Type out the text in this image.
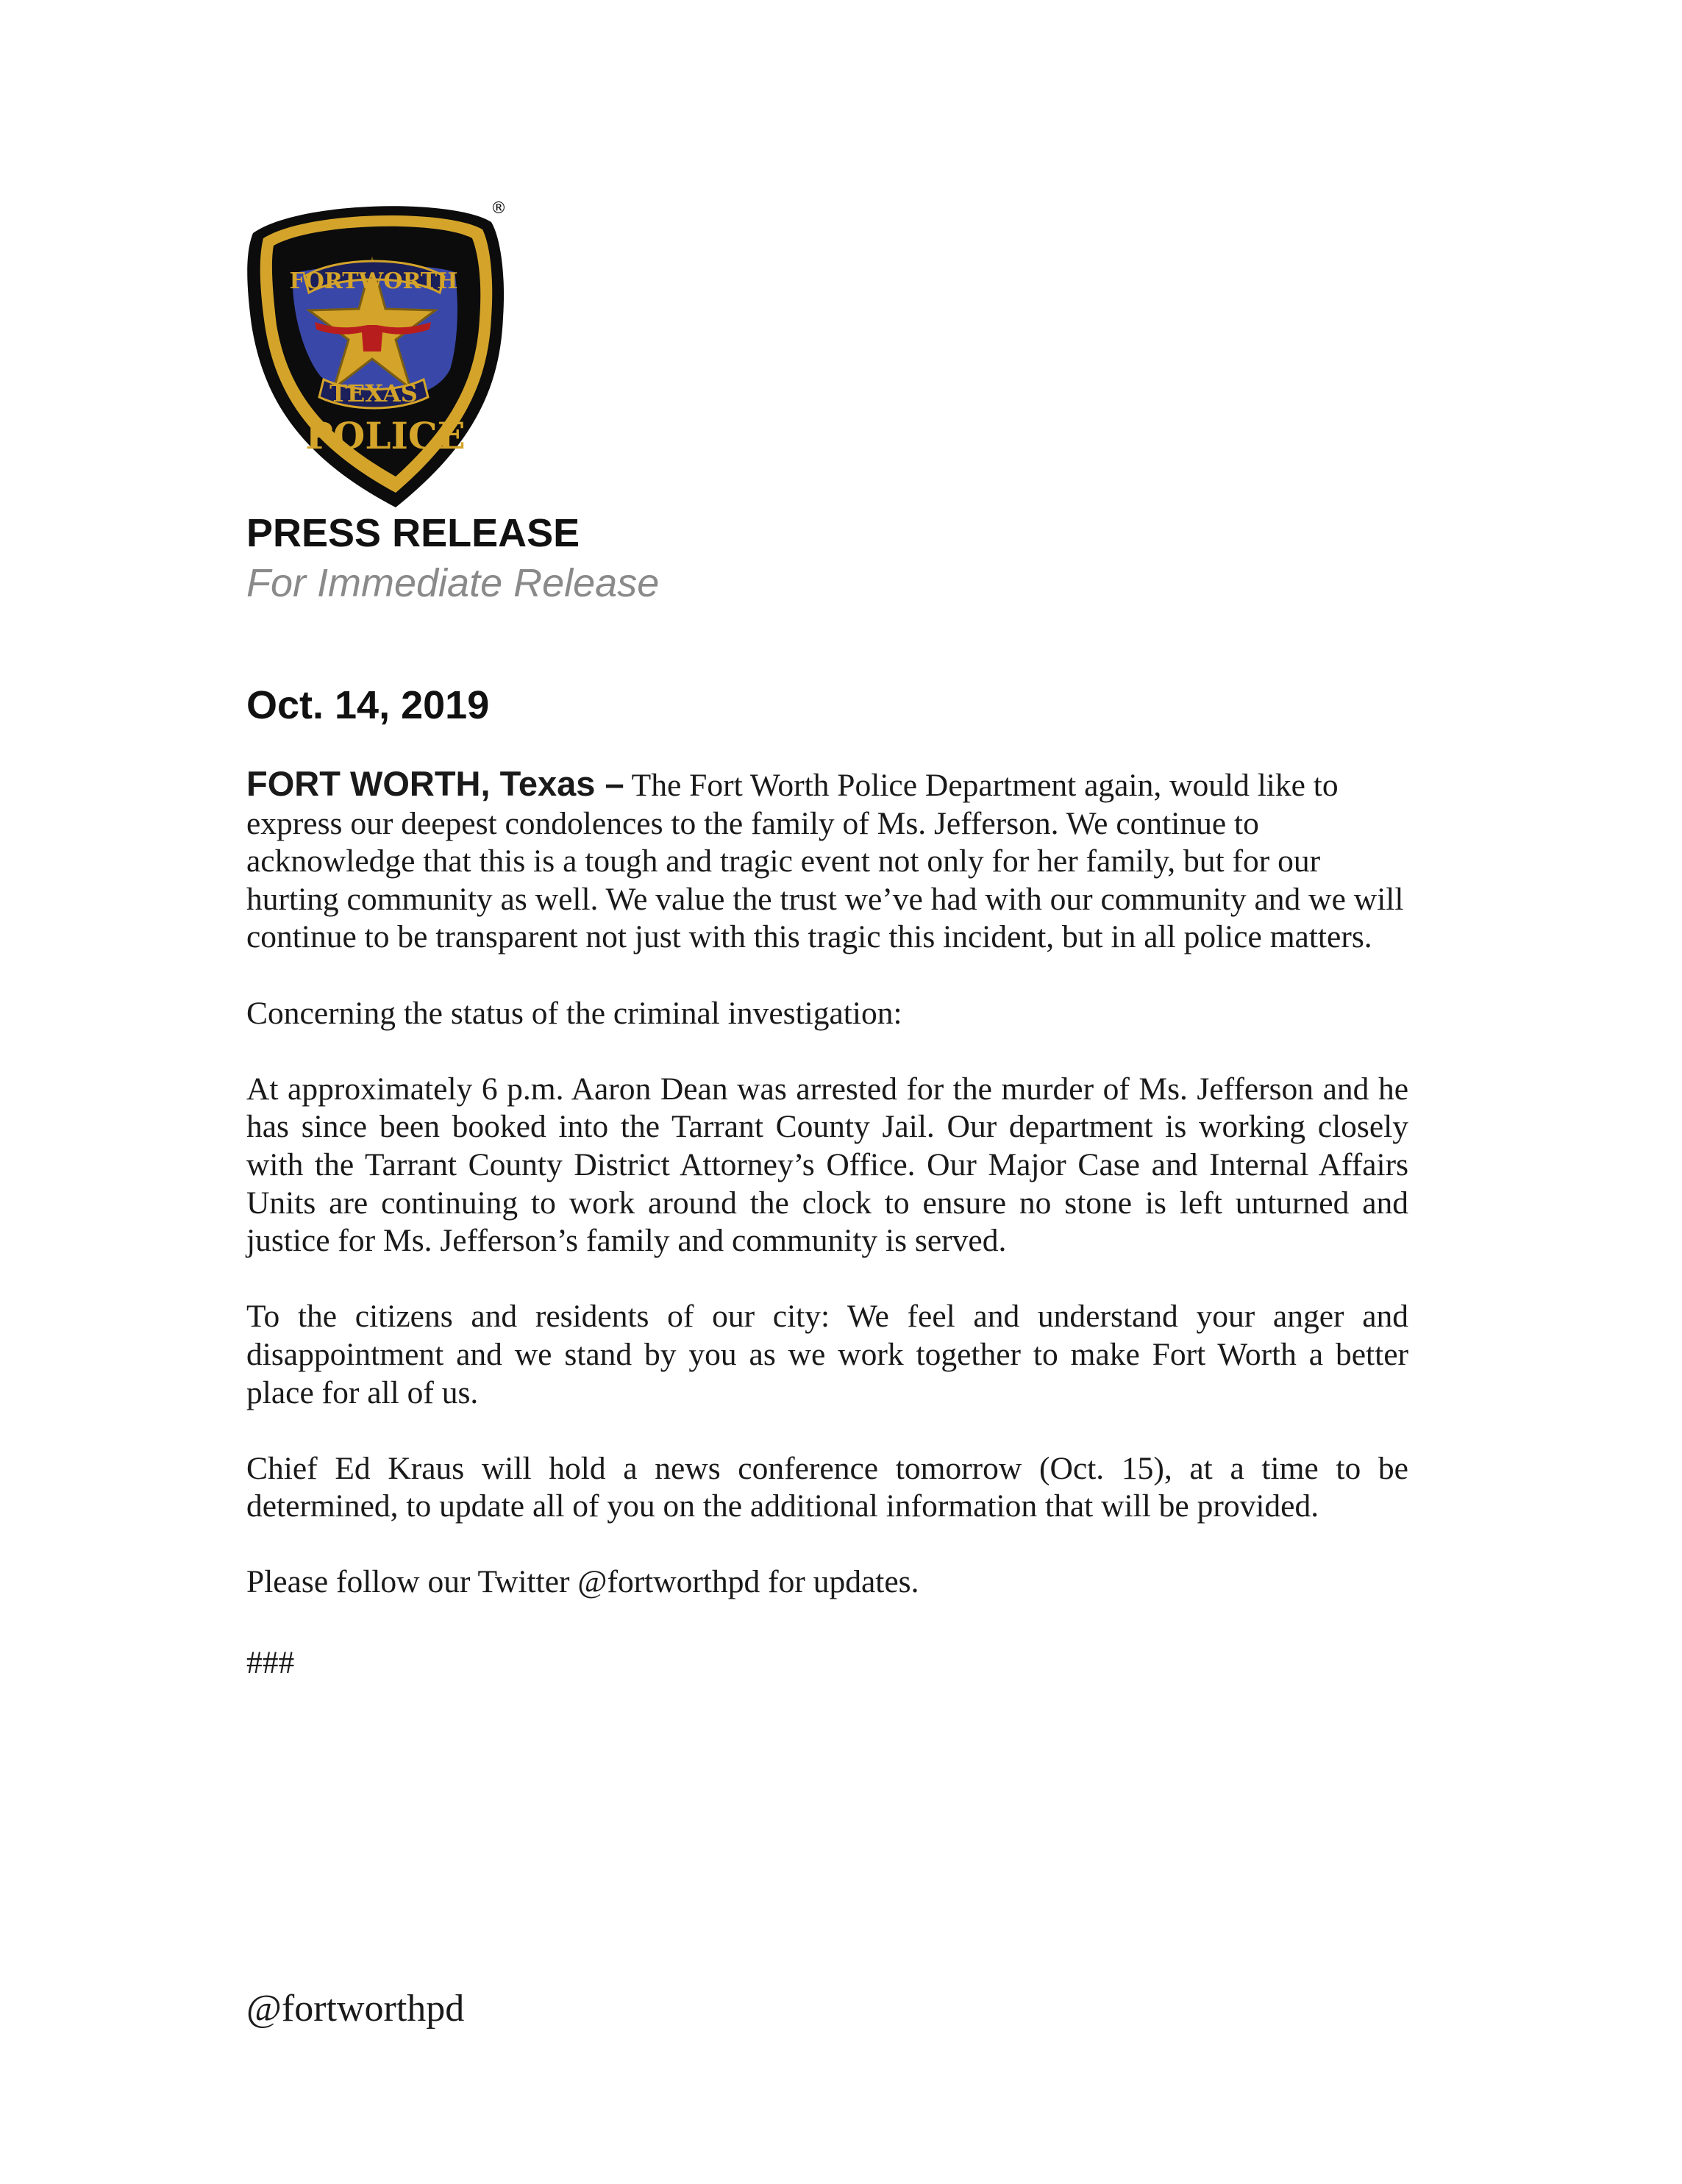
FORTWORTH
TEXAS
POLICE
®
PRESS RELEASE
For Immediate Release
Oct. 14, 2019

FORT WORTH, Texas – The Fort Worth Police Department again, would like to express our deepest condolences to the family of Ms. Jefferson. We continue to acknowledge that this is a tough and tragic event not only for her family, but for our hurting community as well. We value the trust we’ve had with our community and we will continue to be transparent not just with this tragic this incident, but in all police matters.

Concerning the status of the criminal investigation:

At approximately 6 p.m. Aaron Dean was arrested for the murder of Ms. Jefferson and he has since been booked into the Tarrant County Jail. Our department is working closely with the Tarrant County District Attorney’s Office. Our Major Case and Internal Affairs Units are continuing to work around the clock to ensure no stone is left unturned and justice for Ms. Jefferson’s family and community is served.

To the citizens and residents of our city: We feel and understand your anger and disappointment and we stand by you as we work together to make Fort Worth a better place for all of us.

Chief Ed Kraus will hold a news conference tomorrow (Oct. 15), at a time to be determined, to update all of you on the additional information that will be provided.

Please follow our Twitter @fortworthpd for updates.

###

@fortworthpd
